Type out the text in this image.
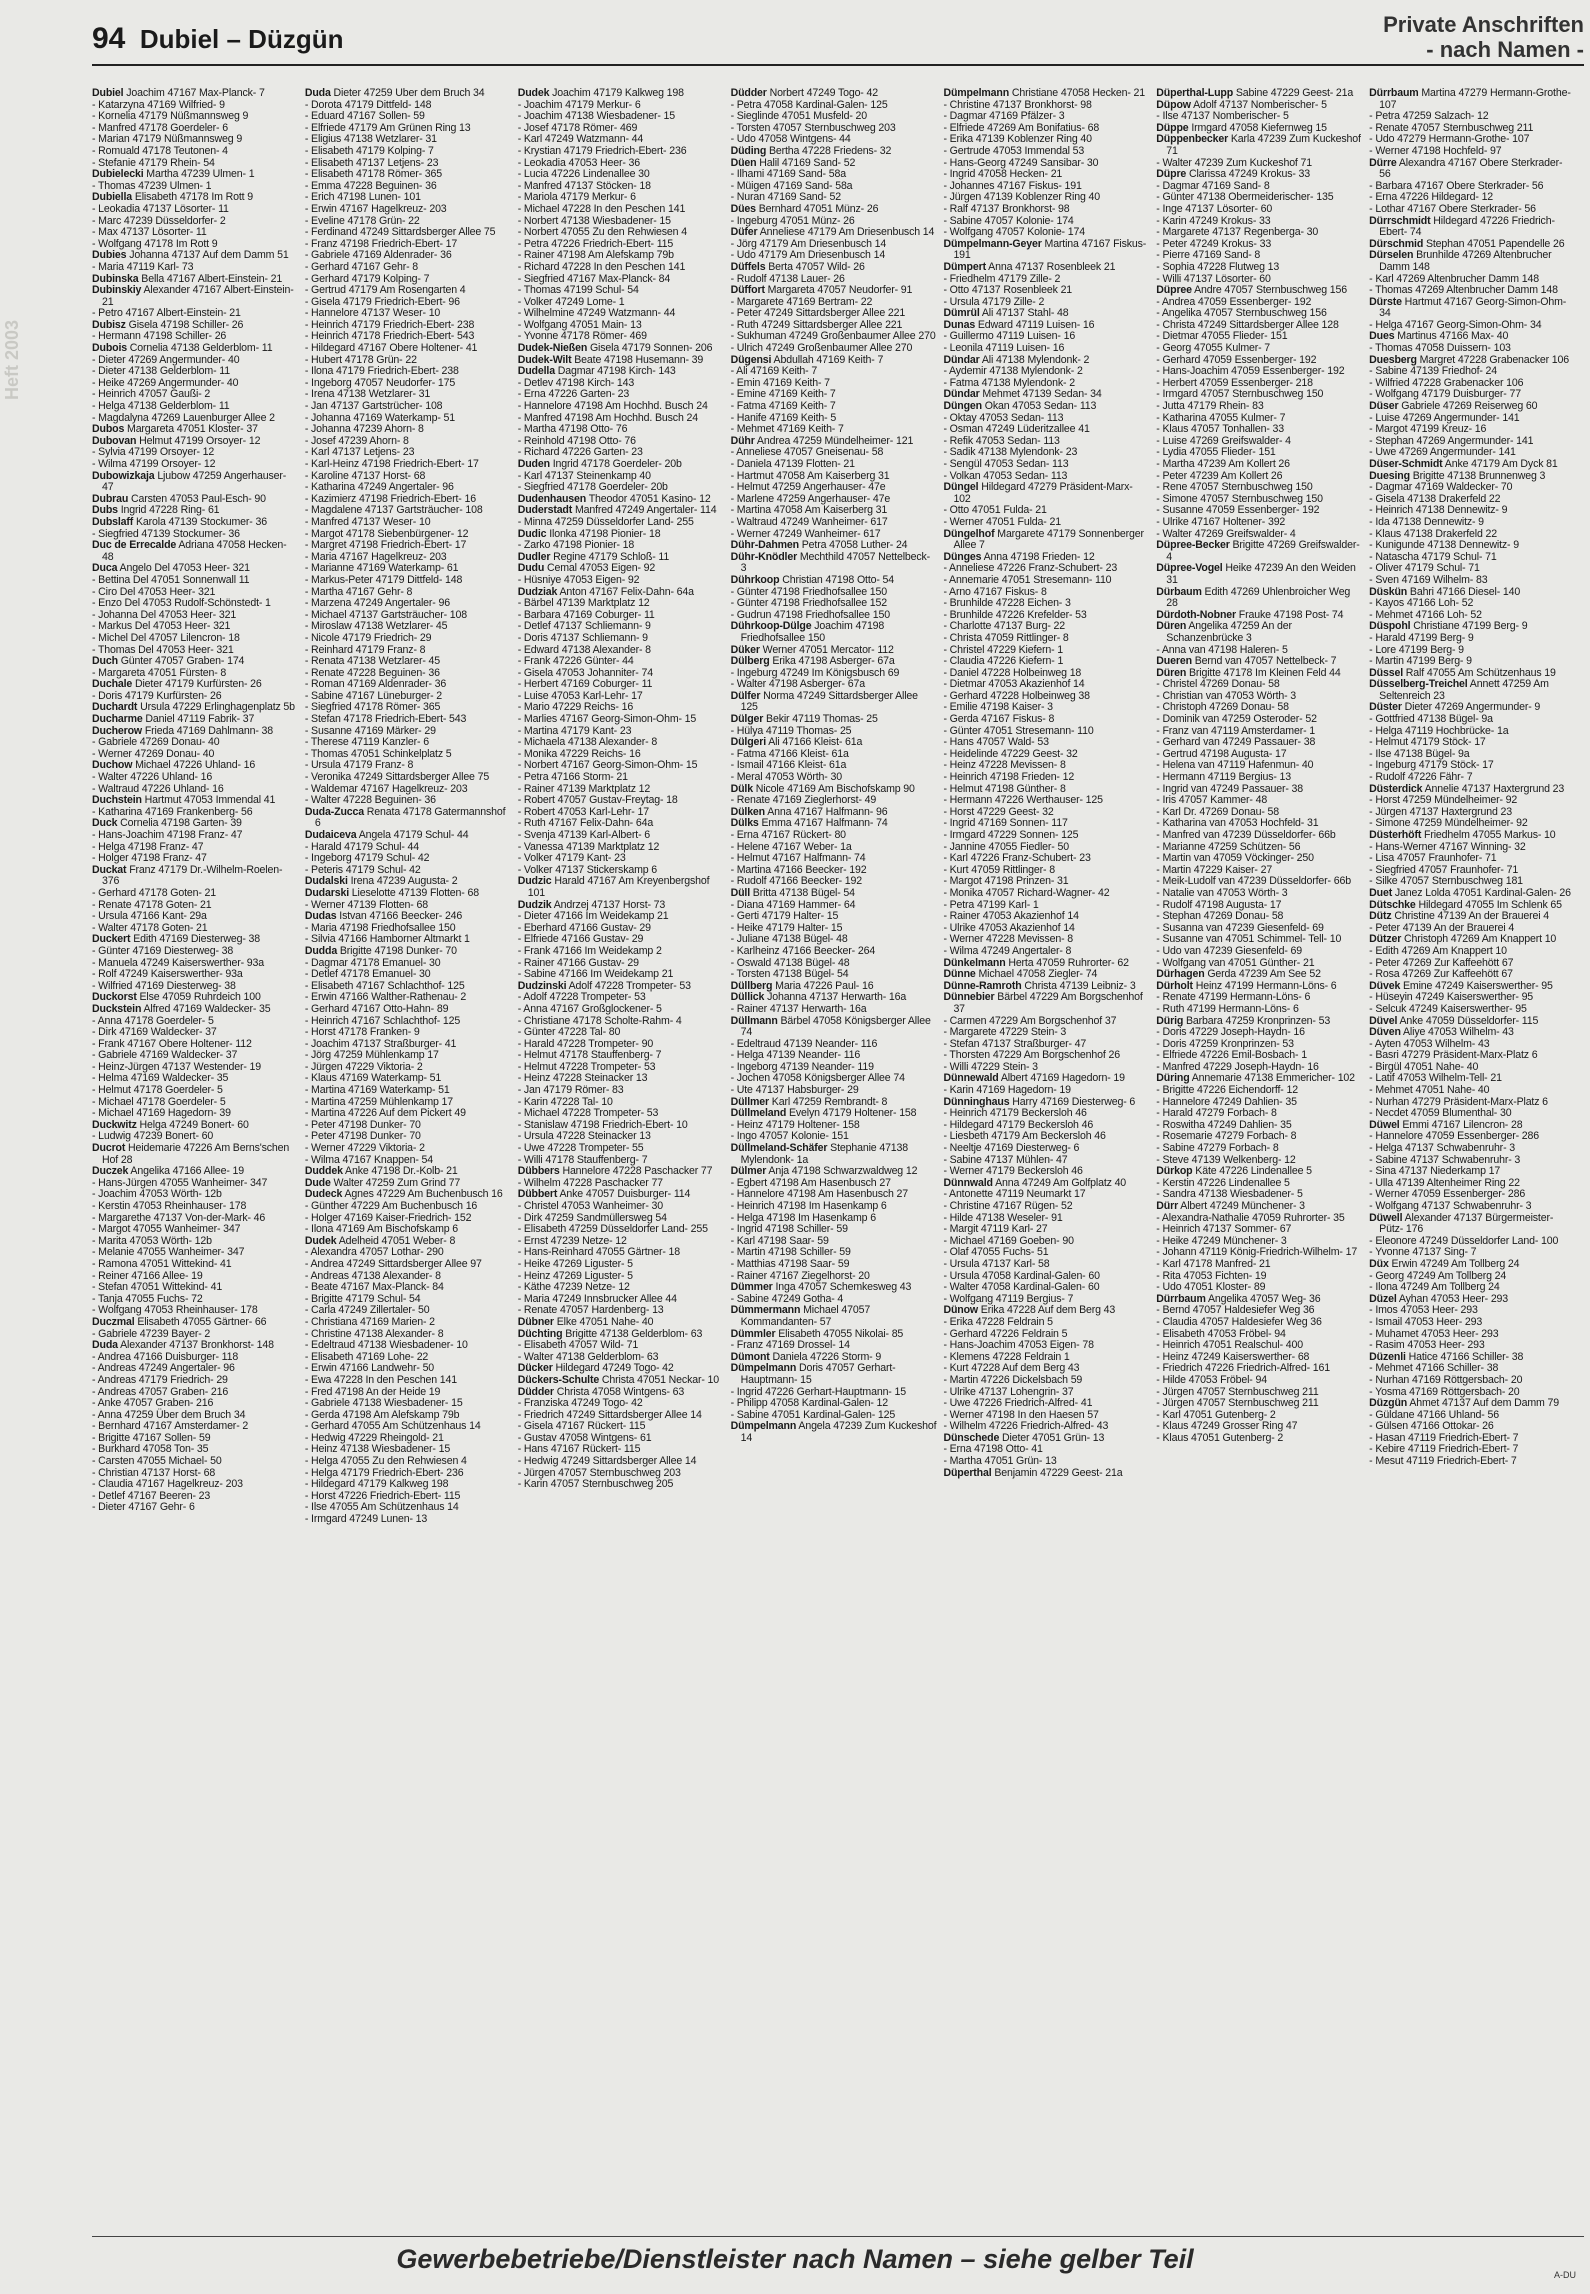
Heft 2003
94 Dubiel – Düzgün	Private Anschriften
- nach Namen -
Dubiel Joachim 47167 Max-Planck- 7
- Katarzyna 47169 Wilfried- 9
- Kornelia 47179 Nüßmannsweg 9
- Manfred 47178 Goerdeler- 6
- Marian 47179 Nüßmannsweg 9
- Romuald 47178 Teutonen- 4
- Stefanie 47179 Rhein- 54
Dubielecki Martha 47239 Ulmen- 1
- Thomas 47239 Ulmen- 1
Dubiella Elisabeth 47178 Im Rott 9
- Leokadia 47137 Lösorter- 11
- Marc 47239 Düsseldorfer- 2
- Max 47137 Lösorter- 11
- Wolfgang 47178 Im Rott 9
Dubies Johanna 47137 Auf dem Damm 51
- Maria 47119 Karl- 73
Dubinska Bella 47167 Albert-Einstein- 21
Dubinskiy Alexander 47167 Albert-Einstein- 21
- Petro 47167 Albert-Einstein- 21
Dubisz Gisela 47198 Schiller- 26
- Hermann 47198 Schiller- 26
Dubois Cornelia 47138 Gelderblom- 11
- Dieter 47269 Angermunder- 40
- Dieter 47138 Gelderblom- 11
- Heike 47269 Angermunder- 40
- Heinrich 47057 Gaußi- 2
- Helga 47138 Gelderblom- 11
- Magdalyna 47269 Lauenburger Allee 2
Dubos Margareta 47051 Kloster- 37
Dubovan Helmut 47199 Orsoyer- 12
- Sylvia 47199 Orsoyer- 12
- Wilma 47199 Orsoyer- 12
Dubowizkaja Ljubow 47259 Angerhauser- 47
Dubrau Carsten 47053 Paul-Esch- 90
Dubs Ingrid 47228 Ring- 61
Dubslaff Karola 47139 Stockumer- 36
- Siegfried 47139 Stockumer- 36
Duc de Errecalde Adriana 47058 Hecken- 48
Duca Angelo Del 47053 Heer- 321
- Bettina Del 47051 Sonnenwall 11
- Ciro Del 47053 Heer- 321
- Enzo Del 47053 Rudolf-Schönstedt- 1
- Johanna Del 47053 Heer- 321
- Markus Del 47053 Heer- 321
- Michel Del 47057 Lilencron- 18
- Thomas Del 47053 Heer- 321
Duch Günter 47057 Graben- 174
- Margareta 47051 Fürsten- 8
Duchale Dieter 47179 Kurfürsten- 26
- Doris 47179 Kurfürsten- 26
Duchardt Ursula 47229 Erlinghagenplatz 5b
Ducharme Daniel 47119 Fabrik- 37
Ducherow Frieda 47169 Dahlmann- 38
- Gabriele 47269 Donau- 40
- Werner 47269 Donau- 40
Duchow Michael 47226 Uhland- 16
- Walter 47226 Uhland- 16
- Waltraud 47226 Uhland- 16
Duchstein Hartmut 47053 Immendal 41
- Katharina 47169 Frankenberg- 56
Duck Cornelia 47198 Garten- 39
- Hans-Joachim 47198 Franz- 47
- Helga 47198 Franz- 47
- Holger 47198 Franz- 47
Duckat Franz 47179 Dr.-Wilhelm-Roelen- 376
- Gerhard 47178 Goten- 21
- Renate 47178 Goten- 21
- Ursula 47166 Kant- 29a
- Walter 47178 Goten- 21
Duckert Edith 47169 Diesterweg- 38
- Günter 47169 Diesterweg- 38
- Manuela 47249 Kaiserswerther- 93a
- Rolf 47249 Kaiserswerther- 93a
- Wilfried 47169 Diesterweg- 38
Duckorst Else 47059 Ruhrdeich 100
Duckstein Alfred 47169 Waldecker- 35
- Anna 47178 Goerdeler- 5
- Dirk 47169 Waldecker- 37
- Frank 47167 Obere Holtener- 112
- Gabriele 47169 Waldecker- 37
- Heinz-Jürgen 47137 Westender- 19
- Helma 47169 Waldecker- 35
- Helmut 47178 Goerdeler- 5
- Michael 47178 Goerdeler- 5
- Michael 47169 Hagedorn- 39
Duckwitz Helga 47249 Bonert- 60
- Ludwig 47239 Bonert- 60
Ducrot Heidemarie 47226 Am Berns'schen Hof 28
Duczek Angelika 47166 Allee- 19
- Hans-Jürgen 47055 Wanheimer- 347
- Joachim 47053 Wörth- 12b
- Kerstin 47053 Rheinhauser- 178
- Margarethe 47137 Von-der-Mark- 46
- Margot 47055 Wanheimer- 347
- Marita 47053 Wörth- 12b
- Melanie 47055 Wanheimer- 347
- Ramona 47051 Wittekind- 41
- Reiner 47166 Allee- 19
- Stefan 47051 Wittekind- 41
- Tanja 47055 Fuchs- 72
- Wolfgang 47053 Rheinhauser- 178
Duczmal Elisabeth 47055 Gärtner- 66
- Gabriele 47239 Bayer- 2
Duda Alexander 47137 Bronkhorst- 148
- Andrea 47166 Duisburger- 118
- Andreas 47249 Angertaler- 96
- Andreas 47179 Friedrich- 29
- Andreas 47057 Graben- 216
- Anke 47057 Graben- 216
- Anna 47259 Über dem Bruch 34
- Bernhard 47167 Amsterdamer- 2
- Brigitte 47167 Sollen- 59
- Burkhard 47058 Ton- 35
- Carsten 47055 Michael- 50
- Christian 47137 Horst- 68
- Claudia 47167 Hagelkreuz- 203
- Detlef 47167 Beeren- 23
- Dieter 47167 Gehr- 6
Duda Dieter 47259 Über dem Bruch 34
- Dorota 47179 Dittfeld- 148
- Eduard 47167 Sollen- 59
- Elfriede 47179 Am Grünen Ring 13
- Eligius 47138 Wetzlarer- 31
- Elisabeth 47179 Kolping- 7
- Elisabeth 47137 Letjens- 23
- Elisabeth 47178 Römer- 365
- Emma 47228 Beguinen- 36
- Erich 47198 Lunen- 101
- Erwin 47167 Hagelkreuz- 203
- Eveline 47178 Grün- 22
- Ferdinand 47249 Sittardsberger Allee 75
- Franz 47198 Friedrich-Ebert- 17
- Gabriele 47169 Aldenrader- 36
- Gerhard 47167 Gehr- 8
- Gerhard 47179 Kolping- 7
- Gertrud 47179 Am Rosengarten 4
- Gisela 47179 Friedrich-Ebert- 96
- Hannelore 47137 Weser- 10
- Heinrich 47179 Friedrich-Ebert- 238
- Heinrich 47178 Friedrich-Ebert- 543
- Hildegard 47167 Obere Holtener- 41
- Hubert 47178 Grün- 22
- Ilona 47179 Friedrich-Ebert- 238
- Ingeborg 47057 Neudorfer- 175
- Irena 47138 Wetzlarer- 31
- Jan 47137 Gartstrücher- 108
- Johanna 47169 Waterkamp- 51
- Johanna 47239 Ahorn- 8
- Josef 47239 Ahorn- 8
- Karl 47137 Letjens- 23
- Karl-Heinz 47198 Friedrich-Ebert- 17
- Karoline 47137 Horst- 68
- Katharina 47249 Angertaler- 96
- Kazimierz 47198 Friedrich-Ebert- 16
- Magdalene 47137 Gartsträucher- 108
- Manfred 47137 Weser- 10
- Margot 47178 Siebenbürgener- 12
- Margret 47198 Friedrich-Ebert- 17
- Maria 47167 Hagelkreuz- 203
- Marianne 47169 Waterkamp- 61
- Markus-Peter 47179 Dittfeld- 148
- Martha 47167 Gehr- 8
- Marzena 47249 Angertaler- 96
- Michael 47137 Gartsträucher- 108
- Miroslaw 47138 Wetzlarer- 45
- Nicole 47179 Friedrich- 29
- Reinhard 47179 Franz- 8
- Renata 47138 Wetzlarer- 45
- Renate 47228 Beguinen- 36
- Roman 47169 Aldenrader- 36
- Sabine 47167 Lüneburger- 2
- Siegfried 47178 Römer- 365
- Stefan 47178 Friedrich-Ebert- 543
- Susanne 47169 Märker- 29
- Therese 47119 Kanzler- 6
- Thomas 47051 Schinkelplatz 5
- Ursula 47179 Franz- 8
- Veronika 47249 Sittardsberger Allee 75
- Waldemar 47167 Hagelkreuz- 203
- Walter 47228 Beguinen- 36
Duda-Zucca Renata 47178 Gatermannshof 6
Dudaiceva Angela 47179 Schul- 44
- Harald 47179 Schul- 44
- Ingeborg 47179 Schul- 42
- Peteris 47179 Schul- 42
Dudalski Irena 47239 Augusta- 2
Dudarski Lieselotte 47139 Flotten- 68
- Werner 47139 Flotten- 68
Dudas Istvan 47166 Beecker- 246
- Maria 47198 Friedhofsallee 150
- Silvia 47166 Hamborner Altmarkt 1
Dudda Brigitte 47198 Dunker- 70
- Dagmar 47178 Emanuel- 30
- Detlef 47178 Emanuel- 30
- Elisabeth 47167 Schlachthof- 125
- Erwin 47166 Walther-Rathenau- 2
- Gerhard 47167 Otto-Hahn- 89
- Heinrich 47167 Schlachthof- 125
- Horst 47178 Franken- 9
- Joachim 47137 Straßburger- 41
- Jörg 47259 Mühlenkamp 17
- Jürgen 47229 Viktoria- 2
- Klaus 47169 Waterkamp- 51
- Martina 47169 Waterkamp- 51
- Martina 47259 Mühlenkamp 17
- Martina 47226 Auf dem Pickert 49
- Peter 47198 Dunker- 70
- Peter 47198 Dunker- 70
- Werner 47229 Viktoria- 2
- Wilma 47167 Knappen- 54
Duddek Anke 47198 Dr.-Kolb- 21
Dude Walter 47259 Zum Grind 77
Dudeck Agnes 47229 Am Buchenbusch 16
- Günther 47229 Am Buchenbusch 16
- Holger 47169 Kaiser-Friedrich- 152
- Ilona 47169 Am Bischofskamp 6
Dudek Adelheid 47051 Weber- 8
- Alexandra 47057 Lothar- 290
- Andrea 47249 Sittardsberger Allee 97
- Andreas 47138 Alexander- 8
- Beate 47167 Max-Planck- 84
- Brigitte 47179 Schul- 54
- Carla 47249 Zillertaler- 50
- Christiana 47169 Marien- 2
- Christine 47138 Alexander- 8
- Edeltraud 47138 Wiesbadener- 10
- Elisabeth 47169 Lohe- 22
- Erwin 47166 Landwehr- 50
- Ewa 47228 In den Peschen 141
- Fred 47198 An der Heide 19
- Gabriele 47138 Wiesbadener- 15
- Gerda 47198 Am Alefskamp 79b
- Gerhard 47055 Am Schützenhaus 14
- Hedwig 47229 Rheingold- 21
- Heinz 47138 Wiesbadener- 15
- Helga 47055 Zu den Rehwiesen 4
- Helga 47179 Friedrich-Ebert- 236
- Hildegard 47179 Kalkweg 198
- Horst 47226 Friedrich-Ebert- 115
- Ilse 47055 Am Schützenhaus 14
- Irmgard 47249 Lunen- 13
Dudek Joachim 47179 Kalkweg 198
- Joachim 47179 Merkur- 6
- Joachim 47138 Wiesbadener- 15
- Josef 47178 Römer- 469
- Karl 47249 Watzmann- 44
- Krystian 47179 Friedrich-Ebert- 236
- Leokadia 47053 Heer- 36
- Lucia 47226 Lindenallee 30
- Manfred 47137 Stöcken- 18
- Mariola 47179 Merkur- 6
- Michael 47228 In den Peschen 141
- Norbert 47138 Wiesbadener- 15
- Norbert 47055 Zu den Rehwiesen 4
- Petra 47226 Friedrich-Ebert- 115
- Rainer 47198 Am Alefskamp 79b
- Richard 47228 In den Peschen 141
- Siegfried 47167 Max-Planck- 84
- Thomas 47199 Schul- 54
- Volker 47249 Lome- 1
- Wilhelmine 47249 Watzmann- 44
- Wolfgang 47051 Main- 13
- Yvonne 47178 Römer- 469
Dudek-Nießen Gisela 47179 Sonnen- 206
Dudek-Wilt Beate 47198 Husemann- 39
Dudella Dagmar 47198 Kirch- 143
- Detlev 47198 Kirch- 143
- Erna 47226 Garten- 23
- Hannelore 47198 Am Hochhd. Busch 24
- Manfred 47198 Am Hochhd. Busch 24
- Martha 47198 Otto- 76
- Reinhold 47198 Otto- 76
- Richard 47226 Garten- 23
Duden Ingrid 47178 Goerdeler- 20b
- Karl 47137 Steinenkamp 40
- Siegfried 47178 Goerdeler- 20b
Dudenhausen Theodor 47051 Kasino- 12
Duderstadt Manfred 47249 Angertaler- 114
- Minna 47259 Düsseldorfer Land- 255
Dudic Ilonka 47198 Pionier- 18
- Zarko 47198 Pionier- 18
Dudler Regine 47179 Schloß- 11
Dudu Cemal 47053 Eigen- 92
- Hüsniye 47053 Eigen- 92
Dudziak Anton 47167 Felix-Dahn- 64a
- Bärbel 47139 Marktplatz 12
- Barbara 47169 Coburger- 11
- Detlef 47137 Schliemann- 9
- Doris 47137 Schliemann- 9
- Edward 47138 Alexander- 8
- Frank 47226 Günter- 44
- Gisela 47053 Johanniter- 74
- Herbert 47169 Coburger- 11
- Luise 47053 Karl-Lehr- 17
- Mario 47229 Reichs- 16
- Marlies 47167 Georg-Simon-Ohm- 15
- Martina 47179 Kant- 23
- Michaela 47138 Alexander- 8
- Monika 47229 Reichs- 16
- Norbert 47167 Georg-Simon-Ohm- 15
- Petra 47166 Storm- 21
- Rainer 47139 Marktplatz 12
- Robert 47057 Gustav-Freytag- 18
- Robert 47053 Karl-Lehr- 17
- Ruth 47167 Felix-Dahn- 64a
- Svenja 47139 Karl-Albert- 6
- Vanessa 47139 Marktplatz 12
- Volker 47179 Kant- 23
- Volker 47137 Stickerskamp 6
Dudzic Harald 47167 Am Kreyenbergshof 101
Dudzik Andrzej 47137 Horst- 73
- Dieter 47166 Im Weidekamp 21
- Eberhard 47166 Gustav- 29
- Elfriede 47166 Gustav- 29
- Frank 47166 Im Weidekamp 2
- Rainer 47166 Gustav- 29
- Sabine 47166 Im Weidekamp 21
Dudzinski Adolf 47228 Trompeter- 53
- Adolf 47228 Trompeter- 53
- Anna 47167 Großglockener- 5
- Christiane 47178 Scholte-Rahm- 4
- Günter 47228 Tal- 80
- Harald 47228 Trompeter- 90
- Helmut 47178 Stauffenberg- 7
- Helmut 47228 Trompeter- 53
- Heinz 47228 Steinacker 13
- Jan 47179 Römer- 83
- Karin 47228 Tal- 10
- Michael 47228 Trompeter- 53
- Stanislaw 47198 Friedrich-Ebert- 10
- Ursula 47228 Steinacker 13
- Uwe 47228 Trompeter- 55
- Willi 47178 Stauffenberg- 7
Dübbers Hannelore 47228 Paschacker 77
- Wilhelm 47228 Paschacker 77
Dübbert Anke 47057 Duisburger- 114
- Christel 47053 Wanheimer- 30
- Dirk 47259 Sandmüllersweg 54
- Elisabeth 47259 Düsseldorfer Land- 255
- Ernst 47239 Netze- 12
- Hans-Reinhard 47055 Gärtner- 18
- Heike 47269 Liguster- 5
- Heinz 47269 Liguster- 5
- Käthe 47239 Netze- 12
- Maria 47249 Innsbrucker Allee 44
- Renate 47057 Hardenberg- 13
Dübner Elke 47051 Nahe- 40
Düchting Brigitte 47138 Gelderblom- 63
- Elisabeth 47057 Wild- 71
- Walter 47138 Gelderblom- 63
Dücker Hildegard 47249 Togo- 42
Dückers-Schulte Christa 47051 Neckar- 10
Düdder Christa 47058 Wintgens- 63
- Franziska 47249 Togo- 42
- Friedrich 47249 Sittardsberger Allee 14
- Gisela 47167 Rückert- 115
- Gustav 47058 Wintgens- 61
- Hans 47167 Rückert- 115
- Hedwig 47249 Sittardsberger Allee 14
- Jürgen 47057 Sternbuschweg 203
- Karin 47057 Sternbuschweg 205
Düdder Norbert 47249 Togo- 42
- Petra 47058 Kardinal-Galen- 125
- Sieglinde 47051 Musfeld- 20
- Torsten 47057 Sternbuschweg 203
- Udo 47058 Wintgens- 44
Düding Bertha 47228 Friedens- 32
Düen Halil 47169 Sand- 52
- Ilhami 47169 Sand- 58a
- Müigen 47169 Sand- 58a
- Nuran 47169 Sand- 52
Dües Bernhard 47051 Münz- 26
- Ingeburg 47051 Münz- 26
Düfer Anneliese 47179 Am Driesenbusch 14
- Jörg 47179 Am Driesenbusch 14
- Udo 47179 Am Driesenbusch 14
Düffels Berta 47057 Wild- 26
- Rudolf 47138 Lauer- 26
Düffort Margareta 47057 Neudorfer- 91
- Margarete 47169 Bertram- 22
- Peter 47249 Sittardsberger Allee 221
- Ruth 47249 Sittardsberger Allee 221
- Sukhuman 47249 Großenbaumer Allee 270
- Ulrich 47249 Großenbaumer Allee 270
Dügensi Abdullah 47169 Keith- 7
- Ali 47169 Keith- 7
- Emin 47169 Keith- 7
- Emine 47169 Keith- 7
- Fatma 47169 Keith- 7
- Hanife 47169 Keith- 5
- Mehmet 47169 Keith- 7
Dühr Andrea 47259 Mündelheimer- 121
- Anneliese 47057 Gneisenau- 58
- Daniela 47139 Flotten- 21
- Hartmut 47058 Am Kaiserberg 31
- Helmut 47259 Angerhauser- 47e
- Marlene 47259 Angerhauser- 47e
- Martina 47058 Am Kaiserberg 31
- Waltraud 47249 Wanheimer- 617
- Werner 47249 Wanheimer- 617
Dühr-Dahmen Petra 47058 Luther- 24
Dühr-Knödler Mechthild 47057 Nettelbeck- 3
Dührkoop Christian 47198 Otto- 54
- Günter 47198 Friedhofsallee 150
- Günter 47198 Friedhofsallee 152
- Gudrun 47198 Friedhofsallee 150
Dührkoop-Dülge Joachim 47198 Friedhofsallee 150
Düker Werner 47051 Mercator- 112
Dülberg Erika 47198 Asberger- 67a
- Ingeburg 47249 Im Königsbusch 69
- Walter 47198 Asberger- 67a
Dülfer Norma 47249 Sittardsberger Allee 125
Dülger Bekir 47119 Thomas- 25
- Hülya 47119 Thomas- 25
Dülgeri Ali 47166 Kleist- 61a
- Fatma 47166 Kleist- 61a
- Ismail 47166 Kleist- 61a
- Meral 47053 Wörth- 30
Dülk Nicole 47169 Am Bischofskamp 90
- Renate 47169 Zieglerhorst- 49
Dülken Anna 47167 Halfmann- 96
Dülks Emma 47167 Halfmann- 74
- Erna 47167 Rückert- 80
- Helene 47167 Weber- 1a
- Helmut 47167 Halfmann- 74
- Martina 47166 Beecker- 192
- Rudolf 47166 Beecker- 192
Düll Britta 47138 Bügel- 54
- Diana 47169 Hammer- 64
- Gerti 47179 Halter- 15
- Heike 47179 Halter- 15
- Juliane 47138 Bügel- 48
- Karlheinz 47166 Beecker- 264
- Oswald 47138 Bügel- 48
- Torsten 47138 Bügel- 54
Düllberg Maria 47226 Paul- 16
Düllick Johanna 47137 Herwarth- 16a
- Rainer 47137 Herwarth- 16a
Düllmann Bärbel 47058 Königsberger Allee 74
- Edeltraud 47139 Neander- 116
- Helga 47139 Neander- 116
- Ingeborg 47139 Neander- 119
- Jochen 47058 Königsberger Allee 74
- Ute 47137 Habsburger- 29
Düllmer Karl 47259 Rembrandt- 8
Düllmeland Evelyn 47179 Holtener- 158
- Heinz 47179 Holtener- 158
- Ingo 47057 Kolonie- 151
Düllmeland-Schäfer Stephanie 47138 Mylendonk- 1a
Dülmer Anja 47198 Schwarzwaldweg 12
- Egbert 47198 Am Hasenbusch 27
- Hannelore 47198 Am Hasenbusch 27
- Heinrich 47198 Im Hasenkamp 6
- Helga 47198 Im Hasenkamp 6
- Ingrid 47198 Schiller- 59
- Karl 47198 Saar- 59
- Martin 47198 Schiller- 59
- Matthias 47198 Saar- 59
- Rainer 47167 Ziegelhorst- 20
Dümmer Inga 47057 Schemkesweg 43
- Sabine 47249 Gotha- 4
Dümmermann Michael 47057 Kommandanten- 57
Dümmler Elisabeth 47055 Nikolai- 85
- Franz 47169 Drossel- 14
Dümont Daniela 47226 Storm- 9
Dümpelmann Doris 47057 Gerhart-Hauptmann- 15
- Ingrid 47226 Gerhart-Hauptmann- 15
- Philipp 47058 Kardinal-Galen- 12
- Sabine 47051 Kardinal-Galen- 125
Dümpelmann Angela 47239 Zum Kuckeshof 14
Dümpelmann Christiane 47058 Hecken- 21
- Christine 47137 Bronkhorst- 98
- Dagmar 47169 Pfälzer- 3
- Elfriede 47269 Am Bonifatius- 68
- Erika 47139 Koblenzer Ring 40
- Gertrude 47053 Immendal 53
- Hans-Georg 47249 Sansibar- 30
- Ingrid 47058 Hecken- 21
- Johannes 47167 Fiskus- 191
- Jürgen 47139 Koblenzer Ring 40
- Ralf 47137 Bronkhorst- 98
- Sabine 47057 Kolonie- 174
- Wolfgang 47057 Kolonie- 174
Dümpelmann-Geyer Martina 47167 Fiskus- 191
Dümpert Anna 47137 Rosenbleek 21
- Friedhelm 47179 Zille- 2
- Otto 47137 Rosenbleek 21
- Ursula 47179 Zille- 2
Dümrül Ali 47137 Stahl- 48
Dunas Edward 47119 Luisen- 16
- Guillermo 47119 Luisen- 16
- Leonila 47119 Luisen- 16
Dündar Ali 47138 Mylendonk- 2
- Aydemir 47138 Mylendonk- 2
- Fatma 47138 Mylendonk- 2
Dündar Mehmet 47139 Sedan- 34
Düngen Okan 47053 Sedan- 113
- Oktay 47053 Sedan- 113
- Osman 47249 Lüderitzallee 41
- Refik 47053 Sedan- 113
- Sadik 47138 Mylendonk- 23
- Sengül 47053 Sedan- 113
- Volkan 47053 Sedan- 113
Düngel Hildegard 47279 Präsident-Marx- 102
- Otto 47051 Fulda- 21
- Werner 47051 Fulda- 21
Düngelhof Margarete 47179 Sonnenberger Allee 7
Dünges Anna 47198 Frieden- 12
- Anneliese 47226 Franz-Schubert- 23
- Annemarie 47051 Stresemann- 110
- Arno 47167 Fiskus- 8
- Brunhilde 47228 Eichen- 3
- Brunhilde 47226 Krefelder- 53
- Charlotte 47137 Burg- 22
- Christa 47059 Rittlinger- 8
- Christel 47229 Kiefern- 1
- Claudia 47226 Kiefern- 1
- Daniel 47228 Holbeinweg 18
- Dietmar 47053 Akazienhof 14
- Gerhard 47228 Holbeinweg 38
- Emilie 47198 Kaiser- 3
- Gerda 47167 Fiskus- 8
- Günter 47051 Stresemann- 110
- Hans 47057 Wald- 53
- Heidelinde 47229 Geest- 32
- Heinz 47228 Mevissen- 8
- Heinrich 47198 Frieden- 12
- Helmut 47198 Günther- 8
- Hermann 47226 Werthauser- 125
- Horst 47229 Geest- 32
- Ingrid 47169 Sonnen- 117
- Irmgard 47229 Sonnen- 125
- Jannine 47055 Fiedler- 50
- Karl 47226 Franz-Schubert- 23
- Kurt 47059 Rittlinger- 8
- Margot 47198 Prinzen- 31
- Monika 47057 Richard-Wagner- 42
- Petra 47199 Karl- 1
- Rainer 47053 Akazienhof 14
- Ulrike 47053 Akazienhof 14
- Werner 47228 Mevissen- 8
- Wilma 47249 Angertaler- 8
Dünkelmann Herta 47059 Ruhrorter- 62
Dünne Michael 47058 Ziegler- 74
Dünne-Ramroth Christa 47139 Leibniz- 3
Dünnebier Bärbel 47229 Am Borgschenhof 37
- Carmen 47229 Am Borgschenhof 37
- Margarete 47229 Stein- 3
- Stefan 47137 Straßburger- 47
- Thorsten 47229 Am Borgschenhof 26
- Willi 47229 Stein- 3
Dünnewald Albert 47169 Hagedorn- 19
- Karin 47169 Hagedorn- 19
Dünninghaus Harry 47169 Diesterweg- 6
- Heinrich 47179 Beckersloh 46
- Hildegard 47179 Beckersloh 46
- Liesbeth 47179 Am Beckersloh 46
- Neeltje 47169 Diesterweg- 6
- Sabine 47137 Mühlen- 47
- Werner 47179 Beckersloh 46
Dünnwald Anna 47249 Am Golfplatz 40
- Antonette 47119 Neumarkt 17
- Christine 47167 Rügen- 52
- Hilde 47138 Weseler- 91
- Margit 47119 Karl- 27
- Michael 47169 Goeben- 90
- Olaf 47055 Fuchs- 51
- Ursula 47137 Karl- 58
- Ursula 47058 Kardinal-Galen- 60
- Walter 47058 Kardinal-Galen- 60
- Wolfgang 47119 Bergius- 7
Dünow Erika 47228 Auf dem Berg 43
- Erika 47228 Feldrain 5
- Gerhard 47226 Feldrain 5
- Hans-Joachim 47053 Eigen- 78
- Klemens 47228 Feldrain 1
- Kurt 47228 Auf dem Berg 43
- Martin 47226 Dickelsbach 59
- Ulrike 47137 Lohengrin- 37
- Uwe 47226 Friedrich-Alfred- 41
- Werner 47198 In den Haesen 57
- Wilhelm 47226 Friedrich-Alfred- 43
Dünschede Dieter 47051 Grün- 13
- Erna 47198 Otto- 41
- Martha 47051 Grün- 13
Düperthal Benjamin 47229 Geest- 21a
Düperthal-Lupp Sabine 47229 Geest- 21a
Düpow Adolf 47137 Nomberischer- 5
- Ilse 47137 Nomberischer- 5
Düppe Irmgard 47058 Kiefernweg 15
Düppenbecker Karla 47239 Zum Kuckeshof 71
- Walter 47239 Zum Kuckeshof 71
Düpre Clarissa 47249 Krokus- 33
- Dagmar 47169 Sand- 8
- Günter 47138 Obermeiderischer- 135
- Inge 47137 Lösorter- 60
- Karin 47249 Krokus- 33
- Margarete 47137 Regenberga- 30
- Peter 47249 Krokus- 33
- Pierre 47169 Sand- 8
- Sophia 47228 Flutweg 13
- Willi 47137 Lösorter- 60
Düpree Andre 47057 Sternbuschweg 156
- Andrea 47059 Essenberger- 192
- Angelika 47057 Sternbuschweg 156
- Christa 47249 Sittardsberger Allee 128
- Dietmar 47055 Flieder- 151
- Georg 47055 Kulmer- 7
- Gerhard 47059 Essenberger- 192
- Hans-Joachim 47059 Essenberger- 192
- Herbert 47059 Essenberger- 218
- Irmgard 47057 Sternbuschweg 150
- Jutta 47179 Rhein- 83
- Katharina 47055 Kulmer- 7
- Klaus 47057 Tonhallen- 33
- Luise 47269 Greifswalder- 4
- Lydia 47055 Flieder- 151
- Martha 47239 Am Kollert 26
- Peter 47239 Am Kollert 26
- Rene 47057 Sternbuschweg 150
- Simone 47057 Sternbuschweg 150
- Susanne 47059 Essenberger- 192
- Ulrike 47167 Holtener- 392
- Walter 47269 Greifswalder- 4
Düpree-Becker Brigitte 47269 Greifswalder- 4
Düpree-Vogel Heike 47239 An den Weiden 31
Dürbaum Edith 47269 Uhlenbroicher Weg 28
Dürdoth-Nobner Frauke 47198 Post- 74
Düren Angelika 47259 An der Schanzenbrücke 3
- Anna van 47198 Haleren- 5
Dueren Bernd van 47057 Nettelbeck- 7
Düren Brigitte 47178 Im Kleinen Feld 44
- Christel 47269 Donau- 58
- Christian van 47053 Wörth- 3
- Christoph 47269 Donau- 58
- Dominik van 47259 Osteroder- 52
- Franz van 47119 Amsterdamer- 1
- Gerhard van 47249 Passauer- 38
- Gertrud 47198 Augusta- 17
- Helena van 47119 Hafenmun- 40
- Hermann 47119 Bergius- 13
- Ingrid van 47249 Passauer- 38
- Iris 47057 Kammer- 48
- Karl Dr. 47269 Donau- 58
- Katharina van 47053 Hochfeld- 31
- Manfred van 47239 Düsseldorfer- 66b
- Marianne 47259 Schützen- 56
- Martin van 47059 Vöckinger- 250
- Martin 47229 Kaiser- 27
- Meik-Ludolf van 47239 Düsseldorfer- 66b
- Natalie van 47053 Wörth- 3
- Rudolf 47198 Augusta- 17
- Stephan 47269 Donau- 58
- Susanna van 47239 Giesenfeld- 69
- Susanne van 47051 Schimmel- Tell- 10
- Udo van 47239 Giesenfeld- 69
- Wolfgang van 47051 Günther- 21
Dürhagen Gerda 47239 Am See 52
Dürholt Heinz 47199 Hermann-Löns- 6
- Renate 47199 Hermann-Löns- 6
- Ruth 47199 Hermann-Löns- 6
Dürig Barbara 47259 Kronprinzen- 53
- Doris 47229 Joseph-Haydn- 16
- Doris 47259 Kronprinzen- 53
- Elfriede 47226 Emil-Bosbach- 1
- Manfred 47229 Joseph-Haydn- 16
Düring Annemarie 47138 Emmericher- 102
- Brigitte 47226 Eichendorff- 12
- Hannelore 47249 Dahlien- 35
- Harald 47279 Forbach- 8
- Roswitha 47249 Dahlien- 35
- Rosemarie 47279 Forbach- 8
- Sabine 47279 Forbach- 8
- Steve 47139 Welkenberg- 12
Dürkop Käte 47226 Lindenallee 5
- Kerstin 47226 Lindenallee 5
- Sandra 47138 Wiesbadener- 5
Dürr Albert 47249 Münchener- 3
- Alexandra-Nathalie 47059 Ruhrorter- 35
- Heinrich 47137 Sommer- 67
- Heike 47249 Münchener- 3
- Johann 47119 König-Friedrich-Wilhelm- 17
- Karl 47178 Manfred- 21
- Rita 47053 Fichten- 19
- Udo 47051 Kloster- 89
Dürrbaum Angelika 47057 Weg- 36
- Bernd 47057 Haldesiefer Weg 36
- Claudia 47057 Haldesiefer Weg 36
- Elisabeth 47053 Fröbel- 94
- Heinrich 47051 Realschul- 400
- Heinz 47249 Kaiserswerther- 68
- Friedrich 47226 Friedrich-Alfred- 161
- Hilde 47053 Fröbel- 94
- Jürgen 47057 Sternbuschweg 211
- Jürgen 47057 Sternbuschweg 211
- Karl 47051 Gutenberg- 2
- Klaus 47249 Grosser Ring 47
- Klaus 47051 Gutenberg- 2
Dürrbaum Martina 47279 Hermann-Grothe- 107
- Petra 47259 Salzach- 12
- Renate 47057 Sternbuschweg 211
- Udo 47279 Hermann-Grothe- 107
- Werner 47198 Hochfeld- 97
Dürre Alexandra 47167 Obere Sterkrader- 56
- Barbara 47167 Obere Sterkrader- 56
- Erna 47226 Hildegard- 12
- Lothar 47167 Obere Sterkrader- 56
Dürrschmidt Hildegard 47226 Friedrich-Ebert- 74
Dürschmid Stephan 47051 Papendelle 26
Dürselen Brunhilde 47269 Altenbrucher Damm 148
- Karl 47269 Altenbrucher Damm 148
- Thomas 47269 Altenbrucher Damm 148
Dürste Hartmut 47167 Georg-Simon-Ohm- 34
- Helga 47167 Georg-Simon-Ohm- 34
Dues Martinus 47166 Max- 40
- Thomas 47058 Duissern- 103
Duesberg Margret 47228 Grabenacker 106
- Sabine 47139 Friedhof- 24
- Wilfried 47228 Grabenacker 106
- Wolfgang 47179 Duisburger- 77
Düser Gabriele 47269 Reiserweg 60
- Luise 47269 Angermunder- 141
- Margot 47199 Kreuz- 16
- Stephan 47269 Angermunder- 141
- Uwe 47269 Angermunder- 141
Düser-Schmidt Anke 47179 Am Dyck 81
Duesing Brigitte 47138 Brunnenweg 3
- Dagmar 47169 Waldecker- 70
- Gisela 47138 Drakerfeld 22
- Heinrich 47138 Dennewitz- 9
- Ida 47138 Dennewitz- 9
- Klaus 47138 Drakerfeld 22
- Kunigunde 47138 Dennewitz- 9
- Natascha 47179 Schul- 71
- Oliver 47179 Schul- 71
- Sven 47169 Wilhelm- 83
Düskün Bahri 47166 Diesel- 140
- Kayos 47166 Loh- 52
- Mehmet 47166 Loh- 52
Düspohl Christiane 47199 Berg- 9
- Harald 47199 Berg- 9
- Lore 47199 Berg- 9
- Martin 47199 Berg- 9
Düssel Ralf 47055 Am Schützenhaus 19
Düsselberg-Treichel Annett 47259 Am Seltenreich 23
Düster Dieter 47269 Angermunder- 9
- Gottfried 47138 Bügel- 9a
- Helga 47119 Hochbrücke- 1a
- Helmut 47179 Stöck- 17
- Ilse 47138 Bügel- 9a
- Ingeburg 47179 Stöck- 17
- Rudolf 47226 Fähr- 7
Düsterdick Annelie 47137 Haxtergrund 23
- Horst 47259 Mündelheimer- 92
- Jürgen 47137 Haxtergrund 23
- Simone 47259 Mündelheimer- 92
Düsterhöft Friedhelm 47055 Markus- 10
- Hans-Werner 47167 Winning- 32
- Lisa 47057 Fraunhofer- 71
- Siegfried 47057 Fraunhofer- 71
- Silke 47057 Sternbuschweg 181
Duet Janez Lolda 47051 Kardinal-Galen- 26
Dütschke Hildegard 47055 Im Schlenk 65
Dütz Christine 47139 An der Brauerei 4
- Peter 47139 An der Brauerei 4
Dützer Christoph 47269 Am Knappert 10
- Edith 47269 Am Knappert 10
- Peter 47269 Zur Kaffeehött 67
- Rosa 47269 Zur Kaffeehött 67
Düvek Emine 47249 Kaiserswerther- 95
- Hüseyin 47249 Kaiserswerther- 95
- Selcuk 47249 Kaiserswerther- 95
Düvel Anke 47059 Düsseldorfer- 115
Düven Aliye 47053 Wilhelm- 43
- Ayten 47053 Wilhelm- 43
- Basri 47279 Präsident-Marx-Platz 6
- Birgül 47051 Nahe- 40
- Latif 47053 Wilhelm-Tell- 21
- Mehmet 47051 Nahe- 40
- Nurhan 47279 Präsident-Marx-Platz 6
- Necdet 47059 Blumenthal- 30
Düwel Emmi 47167 Lilencron- 28
- Hannelore 47059 Essenberger- 286
- Helga 47137 Schwabenruhr- 3
- Sabine 47137 Schwabenruhr- 3
- Sina 47137 Niederkamp 17
- Ulla 47139 Altenheimer Ring 22
- Werner 47059 Essenberger- 286
- Wolfgang 47137 Schwabenruhr- 3
Düwell Alexander 47137 Bürgermeister-Pütz- 176
- Eleonore 47249 Düsseldorfer Land- 100
- Yvonne 47137 Sing- 7
Düx Erwin 47249 Am Tollberg 24
- Georg 47249 Am Tollberg 24
- Ilona 47249 Am Tollberg 24
Düzel Ayhan 47053 Heer- 293
- Imos 47053 Heer- 293
- Ismail 47053 Heer- 293
- Muhamet 47053 Heer- 293
- Rasim 47053 Heer- 293
Düzenli Hatice 47166 Schiller- 38
- Mehmet 47166 Schiller- 38
- Nurhan 47169 Röttgersbach- 20
- Yosma 47169 Röttgersbach- 20
Düzgün Ahmet 47137 Auf dem Damm 79
- Güldane 47166 Uhland- 56
- Gülsen 47166 Ottokar- 26
- Hasan 47119 Friedrich-Ebert- 7
- Kebire 47119 Friedrich-Ebert- 7
- Mesut 47119 Friedrich-Ebert- 7
Gewerbebetriebe/Dienstleister nach Namen – siehe gelber Teil
A-DU
